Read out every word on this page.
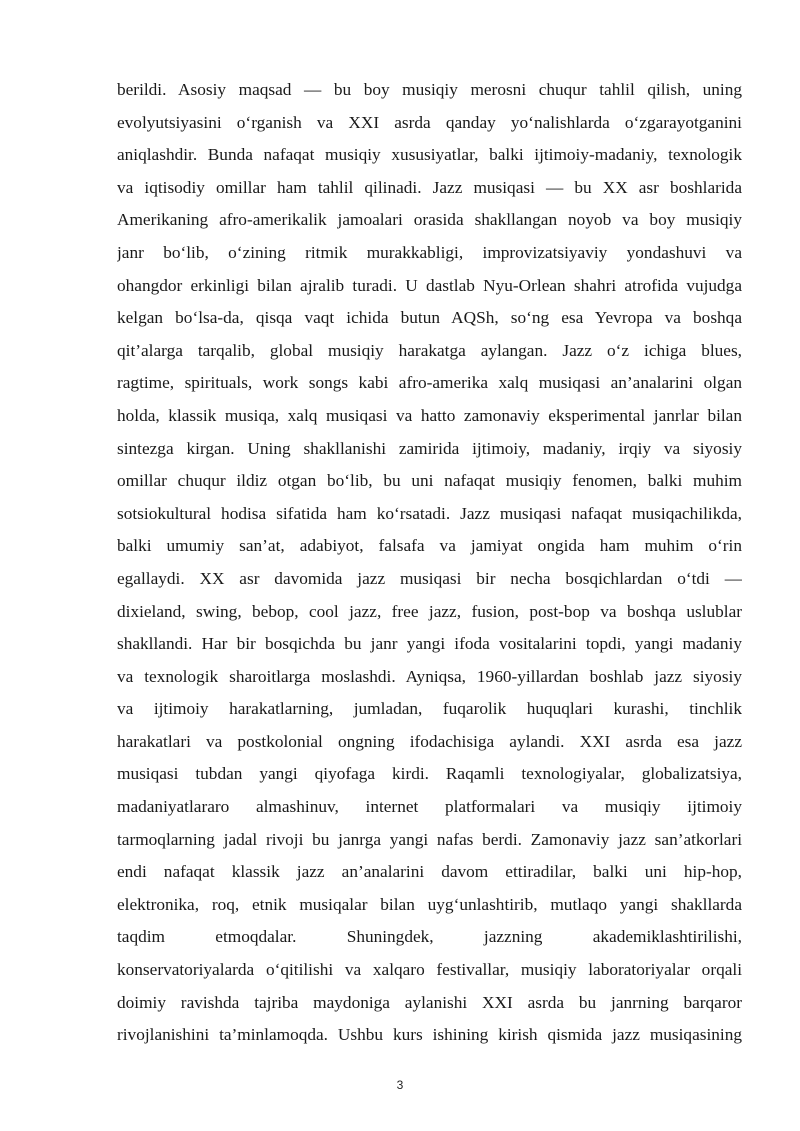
berildi. Asosiy maqsad — bu boy musiqiy merosni chuqur tahlil qilish, uning
evolyutsiyasini o‘rganish va XXI asrda qanday yo‘nalishlarda o‘zgarayotganini
aniqlashdir. Bunda nafaqat musiqiy xususiyatlar, balki ijtimoiy-madaniy, texnologik
va iqtisodiy omillar ham tahlil qilinadi. Jazz musiqasi — bu XX asr boshlarida
Amerikaning afro-amerikalik jamoalari orasida shakllangan noyob va boy musiqiy
janr bo‘lib, o‘zining ritmik murakkabligi, improvizatsiyaviy yondashuvi va
ohangdor erkinligi bilan ajralib turadi. U dastlab Nyu-Orlean shahri atrofida vujudga
kelgan bo‘lsa-da, qisqa vaqt ichida butun AQSh, so‘ng esa Yevropa va boshqa
qit’alarga tarqalib, global musiqiy harakatga aylangan. Jazz o‘z ichiga blues,
ragtime, spirituals, work songs kabi afro-amerika xalq musiqasi an’analarini olgan
holda, klassik musiqa, xalq musiqasi va hatto zamonaviy eksperimental janrlar bilan
sintezga kirgan. Uning shakllanishi zamirida ijtimoiy, madaniy, irqiy va siyosiy
omillar chuqur ildiz otgan bo‘lib, bu uni nafaqat musiqiy fenomen, balki muhim
sotsiokultural hodisa sifatida ham ko‘rsatadi. Jazz musiqasi nafaqat musiqachilikda,
balki umumiy san’at, adabiyot, falsafa va jamiyat ongida ham muhim o‘rin
egallaydi. XX asr davomida jazz musiqasi bir necha bosqichlardan o‘tdi —
dixieland, swing, bebop, cool jazz, free jazz, fusion, post-bop va boshqa uslublar
shakllandi. Har bir bosqichda bu janr yangi ifoda vositalarini topdi, yangi madaniy
va texnologik sharoitlarga moslashdi. Ayniqsa, 1960-yillardan boshlab jazz siyosiy
va ijtimoiy harakatlarning, jumladan, fuqarolik huquqlari kurashi, tinchlik
harakatlari va postkolonial ongning ifodachisiga aylandi. XXI asrda esa jazz
musiqasi tubdan yangi qiyofaga kirdi. Raqamli texnologiyalar, globalizatsiya,
madaniyatlararo almashinuv, internet platformalari va musiqiy ijtimoiy
tarmoqlarning jadal rivoji bu janrga yangi nafas berdi. Zamonaviy jazz san’atkorlari
endi nafaqat klassik jazz an’analarini davom ettiradilar, balki uni hip-hop,
elektronika, roq, etnik musiqalar bilan uyg‘unlashtirib, mutlaqo yangi shakllarda
taqdim etmoqdalar. Shuningdek, jazzning akademiklashtirilishi,
konservatoriyalarda o‘qitilishi va xalqaro festivallar, musiqiy laboratoriyalar orqali
doimiy ravishda tajriba maydoniga aylanishi XXI asrda bu janrning barqaror
rivojlanishini ta’minlamoqda. Ushbu kurs ishining kirish qismida jazz musiqasining
3
